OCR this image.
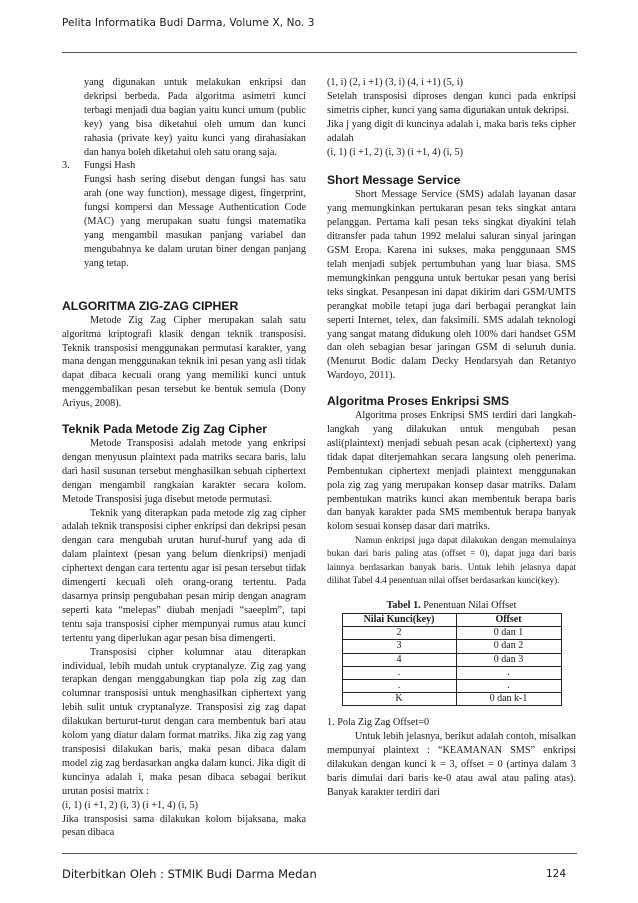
Pelita Informatika Budi Darma, Volume X, No. 3

yang digunakan untuk melakukan enkripsi dan dekripsi berbeda. Pada algoritma asimetri kunci terbagi menjadi dua bagian yaitu kunci umum (public key) yang bisa diketahui oleh umum dan kunci rahasia (private key) yaitu kunci yang dirahasiakan dan hanya boleh diketahui oleh satu orang saja.

3.	Fungsi Hash

Fungsi hash sering disebut dengan fungsi has satu arah (one way function), message digest, fingerprint, fungsi kompersi dan Message Authentication Code (MAC) yang merupakan suatu fungsi matematika yang mengambil masukan panjang variabel dan mengubahnya ke dalam urutan biner dengan panjang yang tetap.

ALGORITMA ZIG-ZAG CIPHER

Metode Zig Zag Cipher merupakan salah satu algoritma kriptografi klasik dengan teknik transposisi. Teknik transposisi menggunakan permutasi karakter, yang mana dengan menggunakan teknik ini pesan yang asli tidak dapat dibaca kecuali orang yang memiliki kunci untuk menggembalikan pesan tersebut ke bentuk semula (Dony Ariyus, 2008).

Teknik Pada Metode Zig Zag Cipher

Metode Transposisi adalah metode yang enkripsi dengan menyusun plaintext pada matriks secara baris, lalu dari hasil susunan tersebut menghasilkan sebuah ciphertext dengan mengambil rangkaian karakter secara kolom. Metode Transposisi juga disebut metode permutasi.

Teknik yang diterapkan pada metode zig zag cipher adalah teknik transposisi cipher enkripsi dan dekripsi pesan dengan cara mengubah urutan huruf-huruf yang ada di dalam plaintext (pesan yang belum dienkripsi) menjadi ciphertext dengan cara tertentu agar isi pesan tersebut tidak dimengerti kecuali oleh orang-orang tertentu. Pada dasarnya prinsip pengubahan pesan mirip dengan anagram seperti kata “melepas” diubah menjadi “saeeplm”, tapi tentu saja transposisi cipher mempunyai rumus atau kunci tertentu yang diperlukan agar pesan bisa dimengerti.

Transposisi cipher kolumnar atau diterapkan individual, lebih mudah untuk cryptanalyze. Zig zag yang terapkan dengan menggabungkan tiap pola zig zag dan columnar transposisi untuk menghasilkan ciphertext yang lebih sulit untuk cryptanalyze. Transposisi zig zag dapat dilakukan berturut-turut dengan cara membentuk bari atau kolom yang diatur dalam format matriks. Jika zig zag yang transposisi dilakukan baris, maka pesan dibaca dalam model zig zag berdasarkan angka dalam kunci. Jika digit di kuncinya adalah i, maka pesan dibaca sebagai berikut urutan posisi matrix :

(i, 1) (i +1, 2) (i, 3) (i +1, 4) (i, 5)

Jika transposisi sama dilakukan kolom bijaksana, maka pesan dibaca

(1, i) (2, i +1) (3, i) (4, i +1) (5, i)

Setelah transposisi diproses dengan kunci pada enkripsi simetris cipher, kunci yang sama digunakan untuk dekripsi.

Jika j yang digit di kuncinya adalah i, maka baris teks cipher adalah

(i, 1) (i +1, 2) (i, 3) (i +1, 4) (i, 5)

Short Message Service

Short Message Service (SMS) adalah layanan dasar yang memungkinkan pertukaran pesan teks singkat antara pelanggan. Pertama kali pesan teks singkat diyakini telah ditransfer pada tahun 1992 melalui saluran sinyal jaringan GSM Eropa. Karena ini sukses, maka penggunaan SMS telah menjadi subjek pertumbuhan yang luar biasa. SMS memungkinkan pengguna untuk bertukar pesan yang berisi teks singkat. Pesanpesan ini dapat dikirim dari GSM/UMTS perangkat mobile tetapi juga dari berbagai perangkat lain seperti Internet, telex, dan faksimili. SMS adalah teknologi yang sangat matang didukung oleh 100% dari handset GSM dan oleh sebagian besar jaringan GSM di seluruh dunia. (Menurut Bodic dalam Decky Hendarsyah dan Retantyo Wardoyo, 2011).

Algoritma Proses Enkripsi SMS

Algoritma proses Enkripsi SMS terdiri dari langkah-langkah yang dilakukan untuk mengubah pesan asli(plaintext) menjadi sebuah pesan acak (ciphertext) yang tidak dapat diterjemahkan secara langsung oleh penerima. Pembentukan ciphertext menjadi plaintext menggunakan pola zig zag yang merupakan konsep dasar matriks. Dalam pembentukan matriks kunci akan membentuk berapa baris dan banyak karakter pada SMS membentuk berapa banyak kolom sesuai konsep dasar dari matriks.

Namun enkripsi juga dapat dilakukan dengan memulainya bukan dari baris paling atas (offset = 0), dapat juga dari baris lainnya berdasarkan banyak baris. Untuk lebih jelasnya dapat dilihat Tabel 4.4 penentuan nilai offset berdasarkan kunci(key).

Tabel 1. Penentuan Nilai Offset

Nilai Kunci(key)	Offset
2	0 dan 1
3	0 dan 2
4	0 dan 3
.	.
.	.
K	0 dan k-1

1. Pola Zig Zag Offset=0

Untuk lebih jelasnya, berikut adalah contoh, misalkan mempunyai plaintext : “KEAMANAN SMS” enkripsi dilakukan dengan kunci k = 3, offset = 0 (artinya dalam 3 baris dimulai dari baris ke-0 atau awal atau paling atas). Banyak karakter terdiri dari

Diterbitkan Oleh : STMIK Budi Darma Medan	124
